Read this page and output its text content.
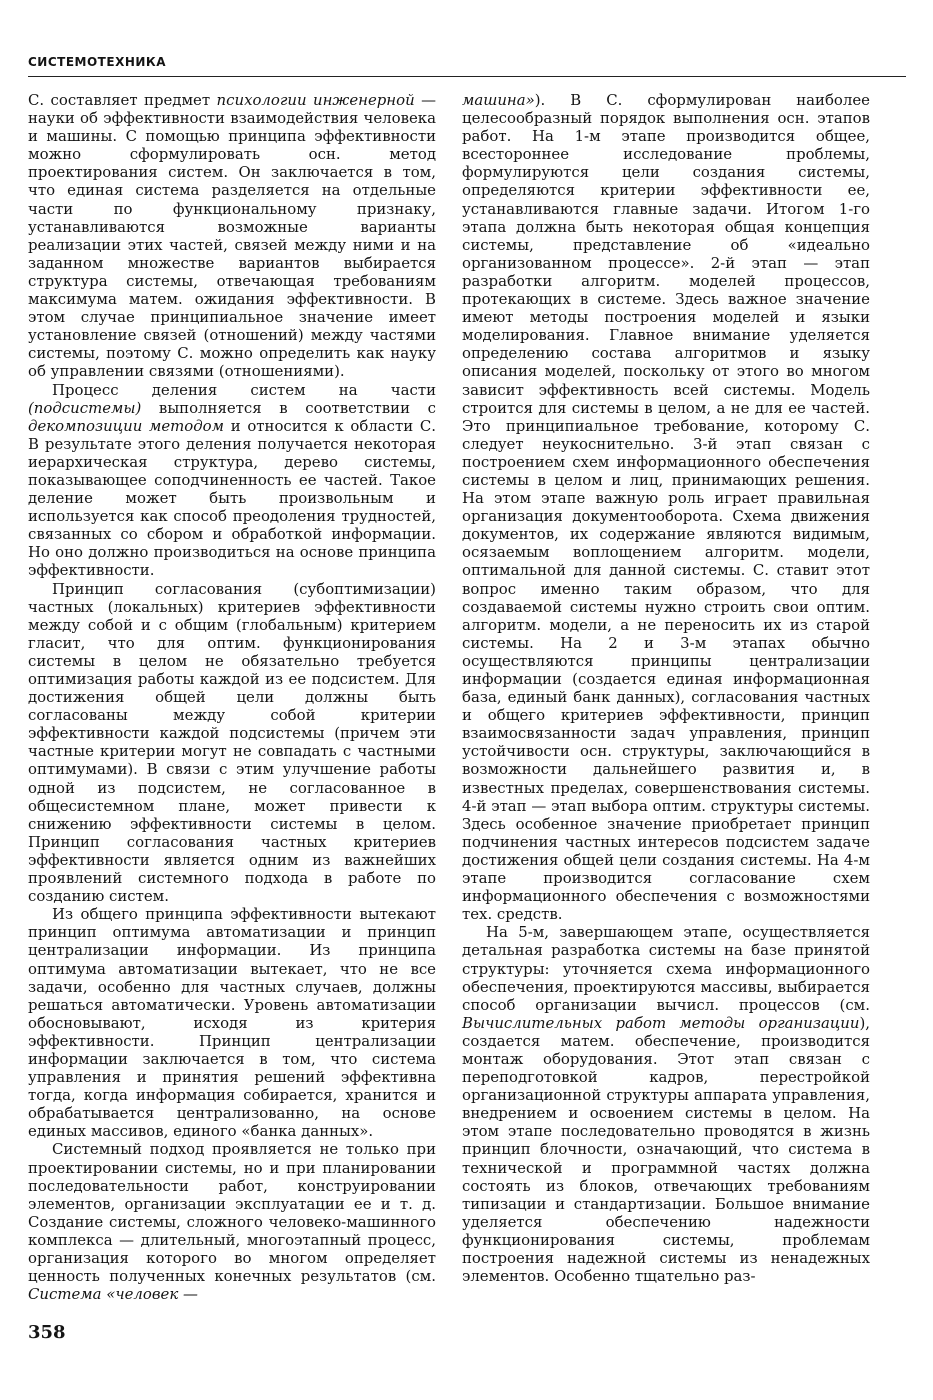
СИСТЕМОТЕХНИКА

С. составляет предмет психологии инженерной — науки об эффективности взаимодействия человека и машины. С помощью принципа эффективности можно сформулировать осн. метод проектирования систем. Он заключается в том, что единая система разделяется на отдельные части по функциональному признаку, устанавливаются возможные варианты реализации этих частей, связей между ними и на заданном множестве вариантов выбирается структура системы, отвечающая требованиям максимума матем. ожидания эффективности. В этом случае принципиальное значение имеет установление связей (отношений) между частями системы, поэтому С. можно определить как науку об управлении связями (отношениями).

Процесс деления систем на части (подсистемы) выполняется в соответствии с декомпозиции методом и относится к области С. В результате этого деления получается некоторая иерархическая структура, дерево системы, показывающее соподчиненность ее частей. Такое деление может быть произвольным и используется как способ преодоления трудностей, связанных со сбором и обработкой информации. Но оно должно производиться на основе принципа эффективности.

Принцип согласования (субоптимизации) частных (локальных) критериев эффективности между собой и с общим (глобальным) критерием гласит, что для оптим. функционирования системы в целом не обязательно требуется оптимизация работы каждой из ее подсистем. Для достижения общей цели должны быть согласованы между собой критерии эффективности каждой подсистемы (причем эти частные критерии могут не совпадать с частными оптимумами). В связи с этим улучшение работы одной из подсистем, не согласованное в общесистемном плане, может привести к снижению эффективности системы в целом. Принцип согласования частных критериев эффективности является одним из важнейших проявлений системного подхода в работе по созданию систем.

Из общего принципа эффективности вытекают принцип оптимума автоматизации и принцип централизации информации. Из принципа оптимума автоматизации вытекает, что не все задачи, особенно для частных случаев, должны решаться автоматически. Уровень автоматизации обосновывают, исходя из критерия эффективности. Принцип централизации информации заключается в том, что система управления и принятия решений эффективна тогда, когда информация собирается, хранится и обрабатывается централизованно, на основе единых массивов, единого «банка данных».

Системный подход проявляется не только при проектировании системы, но и при планировании последовательности работ, конструировании элементов, организации эксплуатации ее и т. д. Создание системы, сложного человеко-машинного комплекса — длительный, многоэтапный процесс, организация которого во многом определяет ценность полученных конечных результатов (см. Система «человек —

машина»). В С. сформулирован наиболее целесообразный порядок выполнения осн. этапов работ. На 1-м этапе производится общее, всестороннее исследование проблемы, формулируются цели создания системы, определяются критерии эффективности ее, устанавливаются главные задачи. Итогом 1-го этапа должна быть некоторая общая концепция системы, представление об «идеально организованном процессе». 2-й этап — этап разработки алгоритм. моделей процессов, протекающих в системе. Здесь важное значение имеют методы построения моделей и языки моделирования. Главное внимание уделяется определению состава алгоритмов и языку описания моделей, поскольку от этого во многом зависит эффективность всей системы. Модель строится для системы в целом, а не для ее частей. Это принципиальное требование, которому С. следует неукоснительно. 3-й этап связан с построением схем информационного обеспечения системы в целом и лиц, принимающих решения. На этом этапе важную роль играет правильная организация документооборота. Схема движения документов, их содержание являются видимым, осязаемым воплощением алгоритм. модели, оптимальной для данной системы. С. ставит этот вопрос именно таким образом, что для создаваемой системы нужно строить свои оптим. алгоритм. модели, а не переносить их из старой системы. На 2 и 3-м этапах обычно осуществляются принципы централизации информации (создается единая информационная база, единый банк данных), согласования частных и общего критериев эффективности, принцип взаимосвязанности задач управления, принцип устойчивости осн. структуры, заключающийся в возможности дальнейшего развития и, в известных пределах, совершенствования системы. 4-й этап — этап выбора оптим. структуры системы. Здесь особенное значение приобретает принцип подчинения частных интересов подсистем задаче достижения общей цели создания системы. На 4-м этапе производится согласование схем информационного обеспечения с возможностями тех. средств.

На 5-м, завершающем этапе, осуществляется детальная разработка системы на базе принятой структуры: уточняется схема информационного обеспечения, проектируются массивы, выбирается способ организации вычисл. процессов (см. Вычислительных работ методы организации), создается матем. обеспечение, производится монтаж оборудования. Этот этап связан с переподготовкой кадров, перестройкой организационной структуры аппарата управления, внедрением и освоением системы в целом. На этом этапе последовательно проводятся в жизнь принцип блочности, означающий, что система в технической и программной частях должна состоять из блоков, отвечающих требованиям типизации и стандартизации. Большое внимание уделяется обеспечению надежности функционирования системы, проблемам построения надежной системы из ненадежных элементов. Особенно тщательно раз-

358
